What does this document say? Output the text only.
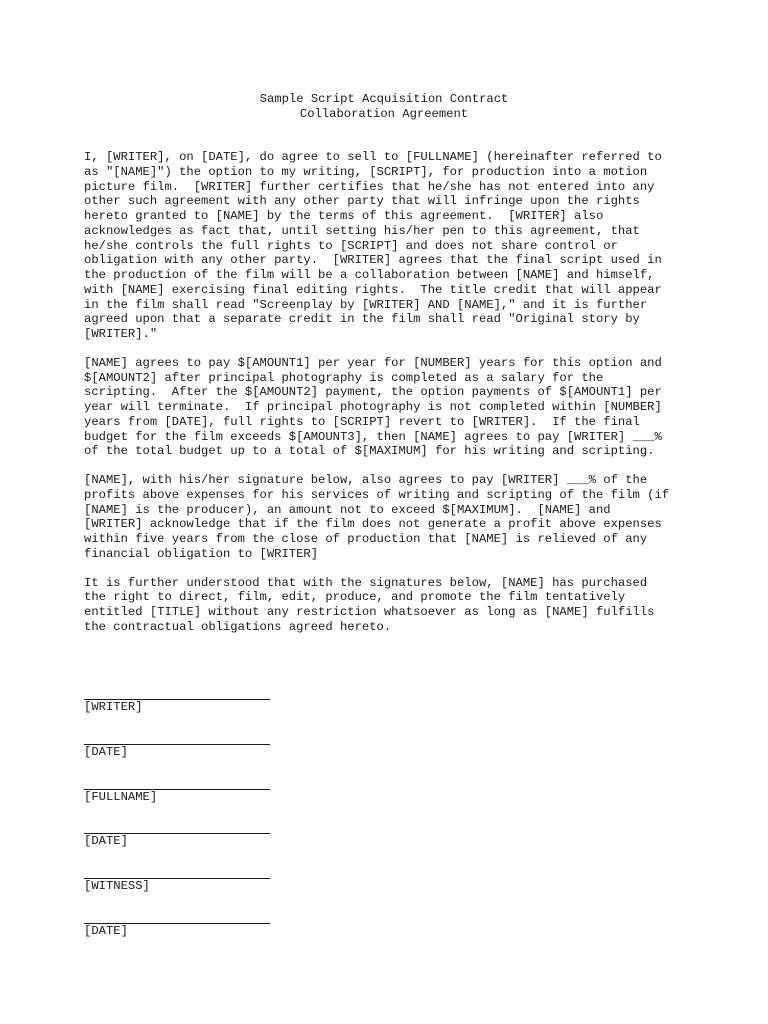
Sample Script Acquisition Contract
Collaboration Agreement
I, [WRITER], on [DATE], do agree to sell to [FULLNAME] (hereinafter referred to
as "[NAME]") the option to my writing, [SCRIPT], for production into a motion
picture film.  [WRITER] further certifies that he/she has not entered into any
other such agreement with any other party that will infringe upon the rights
hereto granted to [NAME] by the terms of this agreement.  [WRITER] also
acknowledges as fact that, until setting his/her pen to this agreement, that
he/she controls the full rights to [SCRIPT] and does not share control or
obligation with any other party.  [WRITER] agrees that the final script used in
the production of the film will be a collaboration between [NAME] and himself,
with [NAME] exercising final editing rights.  The title credit that will appear
in the film shall read "Screenplay by [WRITER] AND [NAME]," and it is further
agreed upon that a separate credit in the film shall read "Original story by
[WRITER]."
[NAME] agrees to pay $[AMOUNT1] per year for [NUMBER] years for this option and
$[AMOUNT2] after principal photography is completed as a salary for the
scripting.  After the $[AMOUNT2] payment, the option payments of $[AMOUNT1] per
year will terminate.  If principal photography is not completed within [NUMBER]
years from [DATE], full rights to [SCRIPT] revert to [WRITER].  If the final
budget for the film exceeds $[AMOUNT3], then [NAME] agrees to pay [WRITER] ___%
of the total budget up to a total of $[MAXIMUM] for his writing and scripting.
[NAME], with his/her signature below, also agrees to pay [WRITER] ___% of the
profits above expenses for his services of writing and scripting of the film (if
[NAME] is the producer), an amount not to exceed $[MAXIMUM].  [NAME] and
[WRITER] acknowledge that if the film does not generate a profit above expenses
within five years from the close of production that [NAME] is relieved of any
financial obligation to [WRITER]
It is further understood that with the signatures below, [NAME] has purchased
the right to direct, film, edit, produce, and promote the film tentatively
entitled [TITLE] without any restriction whatsoever as long as [NAME] fulfills
the contractual obligations agreed hereto.
[WRITER]
[DATE]
[FULLNAME]
[DATE]
[WITNESS]
[DATE]
